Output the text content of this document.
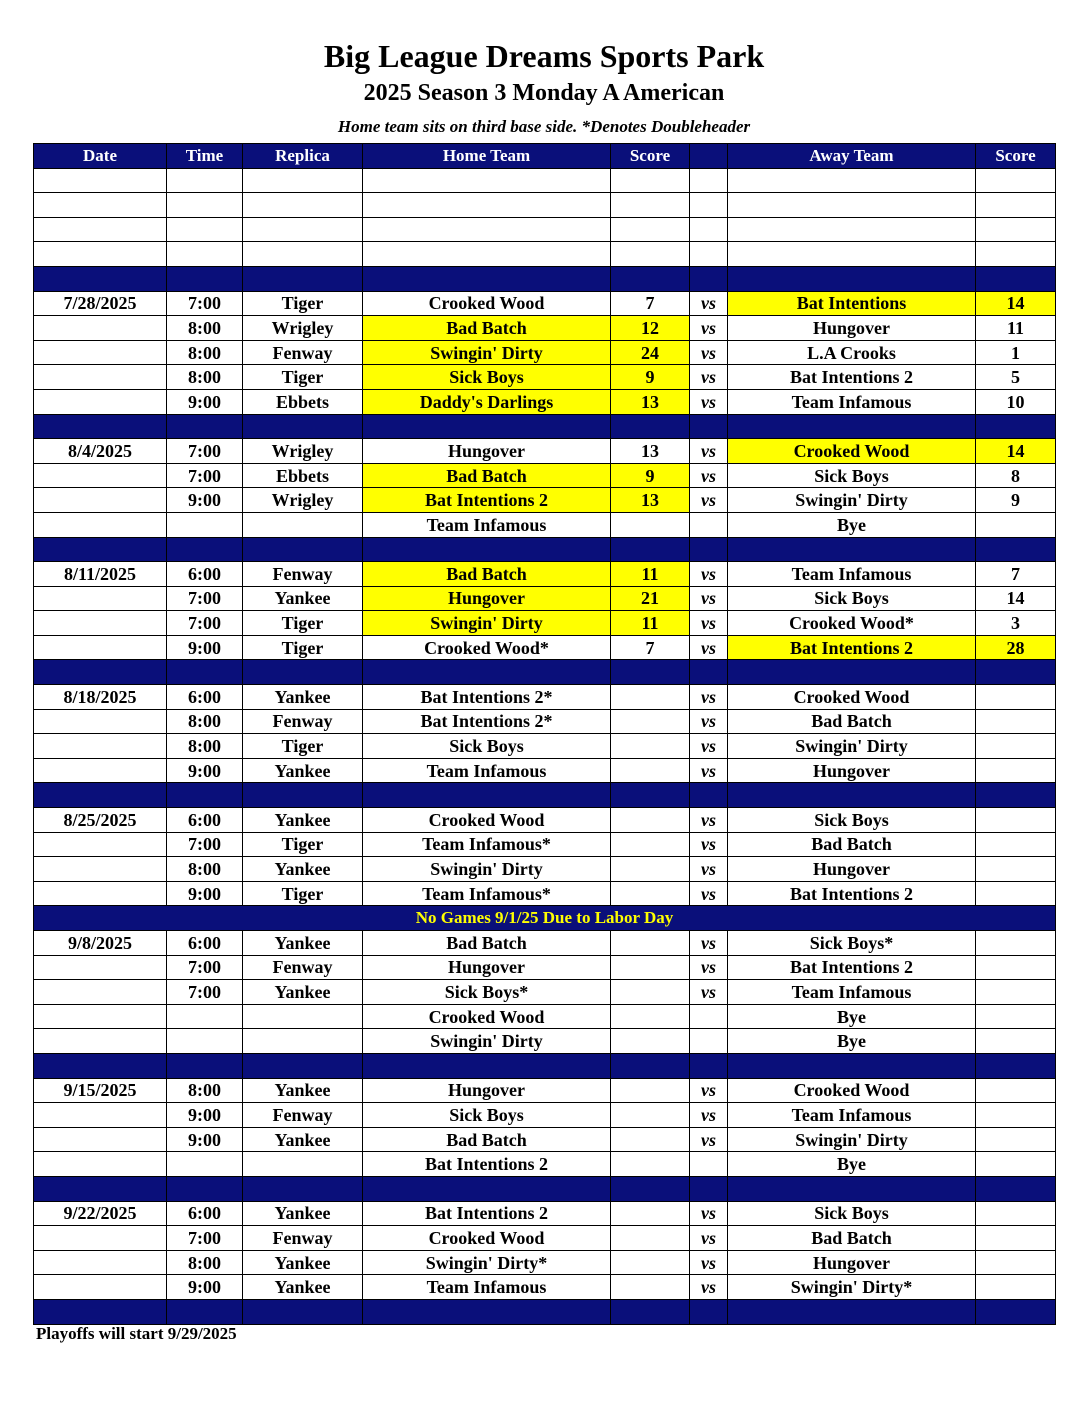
Big League Dreams Sports Park
2025 Season 3 Monday A American
Home team sits on third base side. *Denotes Doubleheader
Date	Time	Replica	Home Team	Score		Away Team	Score

7/28/2025	7:00	Tiger	Crooked Wood	7	vs	Bat Intentions	14
	8:00	Wrigley	Bad Batch	12	vs	Hungover	11
	8:00	Fenway	Swingin' Dirty	24	vs	L.A Crooks	1
	8:00	Tiger	Sick Boys	9	vs	Bat Intentions 2	5
	9:00	Ebbets	Daddy's Darlings	13	vs	Team Infamous	10

8/4/2025	7:00	Wrigley	Hungover	13	vs	Crooked Wood	14
	7:00	Ebbets	Bad Batch	9	vs	Sick Boys	8
	9:00	Wrigley	Bat Intentions 2	13	vs	Swingin' Dirty	9
			Team Infamous			Bye	

8/11/2025	6:00	Fenway	Bad Batch	11	vs	Team Infamous	7
	7:00	Yankee	Hungover	21	vs	Sick Boys	14
	7:00	Tiger	Swingin' Dirty	11	vs	Crooked Wood*	3
	9:00	Tiger	Crooked Wood*	7	vs	Bat Intentions 2	28

8/18/2025	6:00	Yankee	Bat Intentions 2*		vs	Crooked Wood	
	8:00	Fenway	Bat Intentions 2*		vs	Bad Batch	
	8:00	Tiger	Sick Boys		vs	Swingin' Dirty	
	9:00	Yankee	Team Infamous		vs	Hungover	

8/25/2025	6:00	Yankee	Crooked Wood		vs	Sick Boys	
	7:00	Tiger	Team Infamous*		vs	Bad Batch	
	8:00	Yankee	Swingin' Dirty		vs	Hungover	
	9:00	Tiger	Team Infamous*		vs	Bat Intentions 2	
No Games 9/1/25 Due to Labor Day							
9/8/2025	6:00	Yankee	Bad Batch		vs	Sick Boys*	
	7:00	Fenway	Hungover		vs	Bat Intentions 2	
	7:00	Yankee	Sick Boys*		vs	Team Infamous	
			Crooked Wood			Bye	
			Swingin' Dirty			Bye	

9/15/2025	8:00	Yankee	Hungover		vs	Crooked Wood	
	9:00	Fenway	Sick Boys		vs	Team Infamous	
	9:00	Yankee	Bad Batch		vs	Swingin' Dirty	
			Bat Intentions 2			Bye	

9/22/2025	6:00	Yankee	Bat Intentions 2		vs	Sick Boys	
	7:00	Fenway	Crooked Wood		vs	Bad Batch	
	8:00	Yankee	Swingin' Dirty*		vs	Hungover	
	9:00	Yankee	Team Infamous		vs	Swingin' Dirty*	

Playoffs will start 9/29/2025
